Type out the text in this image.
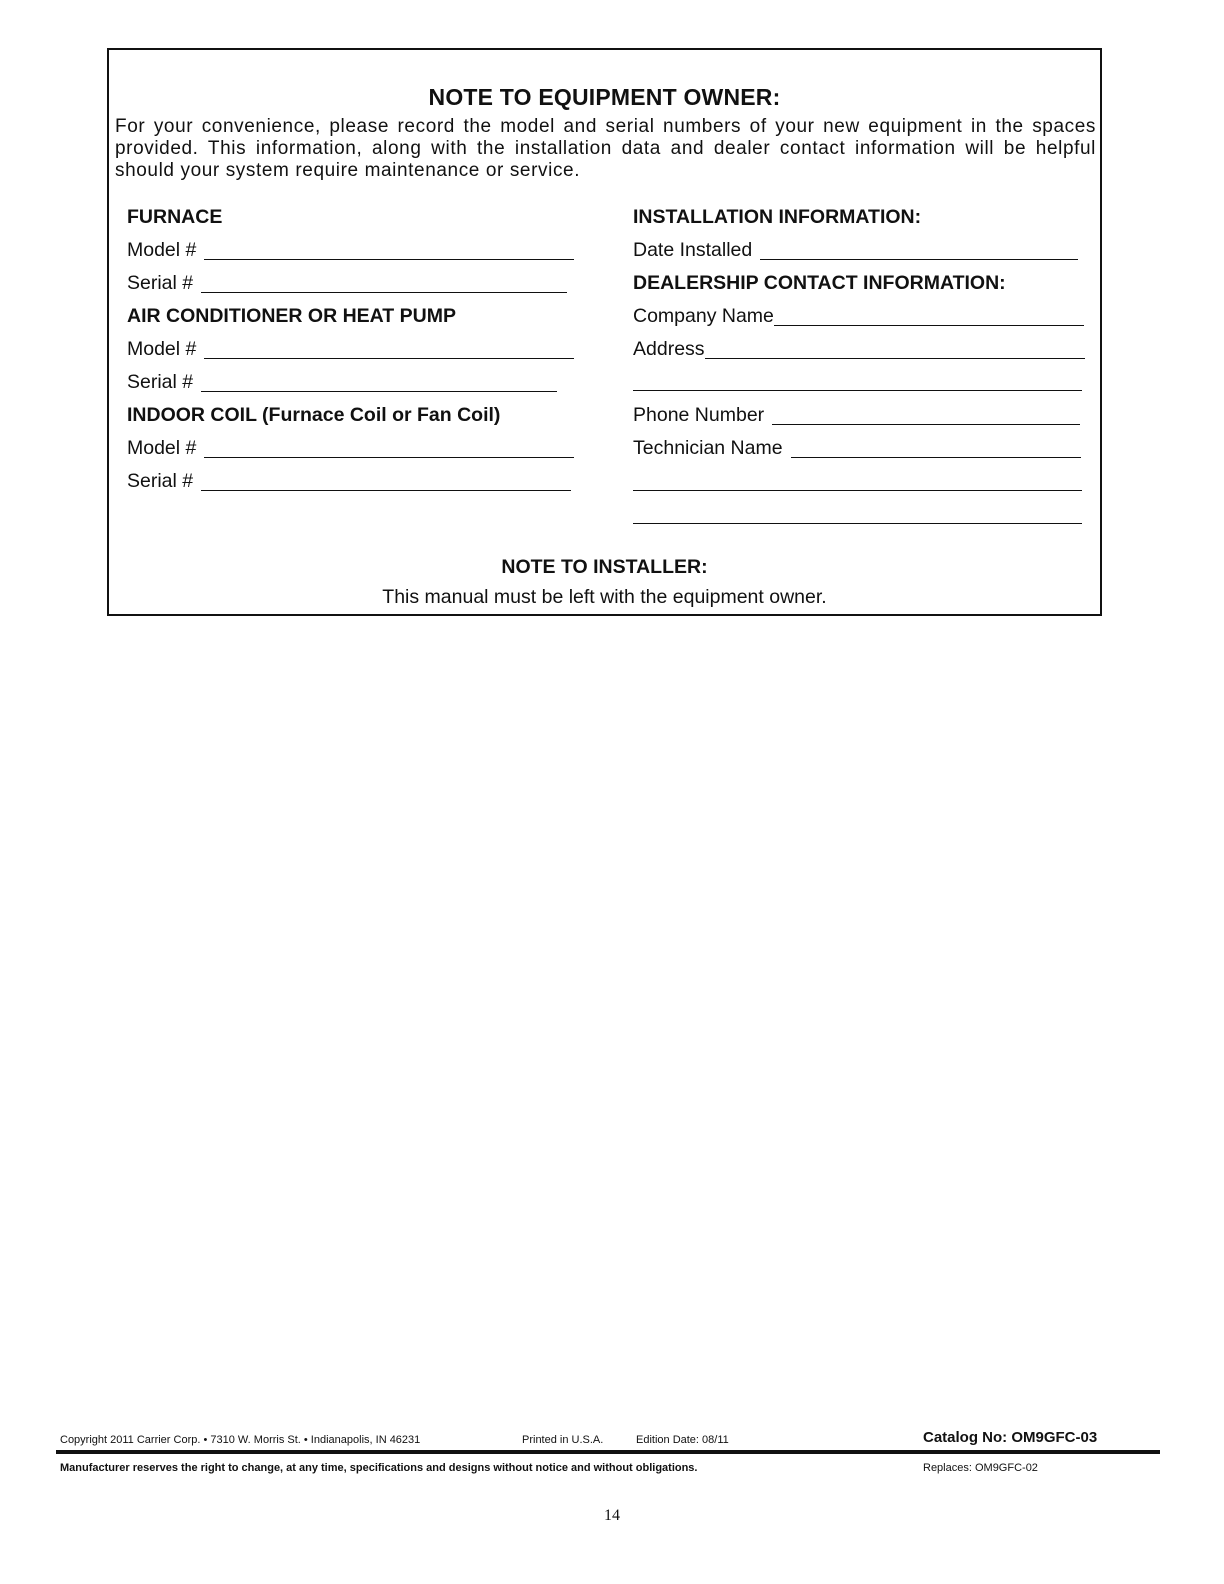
NOTE TO EQUIPMENT OWNER:
For your convenience, please record the model and serial numbers of your new equipment in the spaces provided. This information, along with the installation data and dealer contact information will be helpful should your system require maintenance or service.
FURNACE
Model #
Serial #
AIR CONDITIONER OR HEAT PUMP
Model #
Serial #
INDOOR COIL (Furnace Coil or Fan Coil)
Model #
Serial #
INSTALLATION INFORMATION:
Date Installed
DEALERSHIP CONTACT INFORMATION:
Company Name
Address
Phone Number
Technician Name
NOTE TO INSTALLER:
This manual must be left with the equipment owner.
Copyright 2011 Carrier Corp. • 7310 W. Morris St. • Indianapolis, IN 46231	Printed in U.S.A.	Edition Date: 08/11	Catalog No: OM9GFC-03
Manufacturer reserves the right to change, at any time, specifications and designs without notice and without obligations.	Replaces: OM9GFC-02
14
